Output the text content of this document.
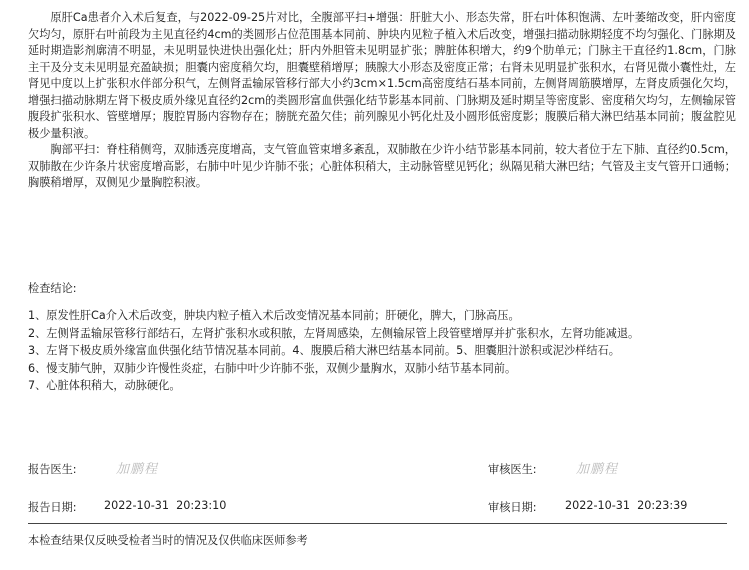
原肝Ca患者介入术后复查，与2022-09-25片对比，全腹部平扫+增强：肝脏大小、形态失常，肝右叶体积饱满、左叶萎缩改变，肝内密度欠均匀，原肝右叶前段为主见直径约4cm的类圆形占位范围基本同前、肿块内见粒子植入术后改变，增强扫描动脉期轻度不均匀强化、门脉期及延时期造影剂廓清不明显，未见明显快进快出强化灶；肝内外胆管未见明显扩张；脾脏体积增大，约9个肋单元；门脉主干直径约1.8cm，门脉主干及分支未见明显充盈缺损；胆囊内密度稍欠均，胆囊壁稍增厚；胰腺大小形态及密度正常；右肾未见明显扩张积水，右肾见微小囊性灶，左肾见中度以上扩张积水伴部分积气，左侧肾盂输尿管移行部大小约3cm×1.5cm高密度结石基本同前，左侧肾周筋膜增厚，左肾皮质强化欠均，增强扫描动脉期左肾下极皮质外缘见直径约2cm的类圆形富血供强化结节影基本同前、门脉期及延时期呈等密度影、密度稍欠均匀，左侧输尿管腹段扩张积水、管壁增厚；腹腔胃肠内容物存在；膀胱充盈欠佳；前列腺见小钙化灶及小圆形低密度影；腹膜后稍大淋巴结基本同前；腹盆腔见极少量积液。

胸部平扫：脊柱稍侧弯，双肺透亮度增高，支气管血管束增多紊乱，双肺散在少许小结节影基本同前，较大者位于左下肺、直径约0.5cm，双肺散在少许条片状密度增高影，右肺中叶见少许肺不张；心脏体积稍大，主动脉管壁见钙化；纵隔见稍大淋巴结；气管及主支气管开口通畅；胸膜稍增厚，双侧见少量胸腔积液。

检查结论:
1、原发性肝Ca介入术后改变，肿块内粒子植入术后改变情况基本同前；肝硬化，脾大，门脉高压。
2、左侧肾盂输尿管移行部结石，左肾扩张积水或积脓，左肾周感染，左侧输尿管上段管壁增厚并扩张积水，左肾功能减退。
3、左肾下极皮质外缘富血供强化结节情况基本同前。4、腹膜后稍大淋巴结基本同前。5、胆囊胆汁淤积或泥沙样结石。
6、慢支肺气肿，双肺少许慢性炎症，右肺中叶少许肺不张，双侧少量胸水，双肺小结节基本同前。
7、心脏体积稍大，动脉硬化。
报告医生:	加鹏程	审核医生:	加鹏程
报告日期: 2022-10-31  20:23:10	审核日期:	2022-10-31  20:23:39
本检查结果仅反映受检者当时的情况及仅供临床医师参考
